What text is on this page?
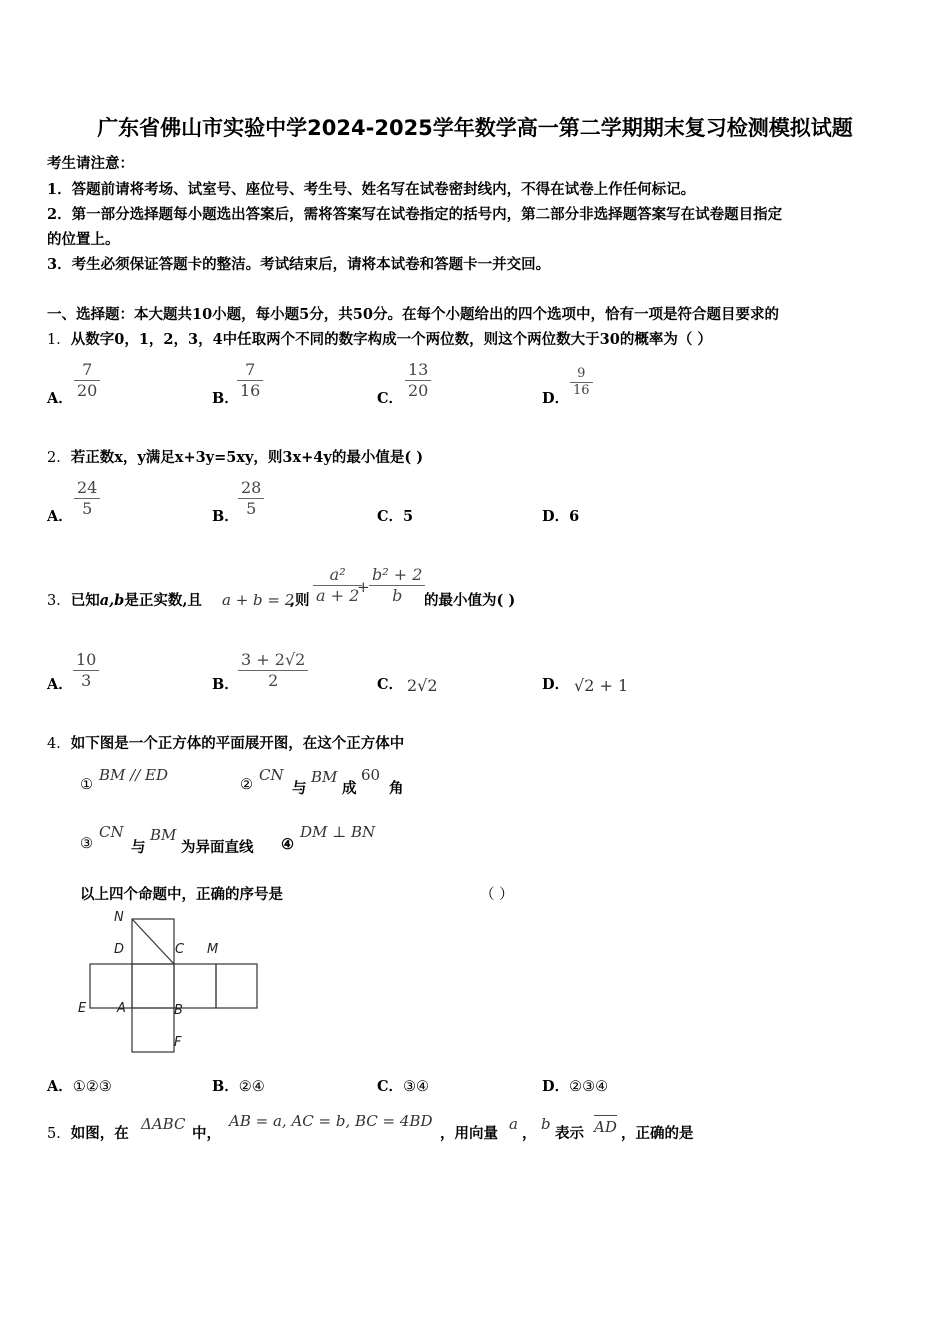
广东省佛山市实验中学2024-2025学年数学高一第二学期期末复习检测模拟试题
考生请注意：
1．答题前请将考场、试室号、座位号、考生号、姓名写在试卷密封线内，不得在试卷上作任何标记。
2．第一部分选择题每小题选出答案后，需将答案写在试卷指定的括号内，第二部分非选择题答案写在试卷题目指定
的位置上。
3．考生必须保证答题卡的整洁。考试结束后，请将本试卷和答题卡一并交回。
一、选择题：本大题共10小题，每小题5分，共50分。在每个小题给出的四个选项中，恰有一项是符合题目要求的
1．从数字0，1，2，3，4中任取两个不同的数字构成一个两位数，则这个两位数大于30的概率为（ ）
A． $\frac{7}{20}$	B．
$\frac{7}{16}$	C． $\frac{13}{20}$	D． $\frac{9}{16}$
2．若正数x，y满足x+3y=5xy，则3x+4y的最小值是( )
A． $\frac{24}{5}$	B． $\frac{28}{5}$	C．5	D．6
3．已知a,b是正实数,且 a + b = 2
,则 $\frac{\text{a²}}{a + 2}$
+ $\frac{\text{b² + 2}}{b}$
的最小值为( )
A． $\frac{10}{3}$	B． $\frac{3 + 2√2}{2}$	C． 2√2	D． √2 + 1
4．如下图是一个正方体的平面展开图，在这个正方体中
①
BM // ED
②
CN
与
BM
成
60
角
③
CN
与
BM
为异面直线 ④
DM ⊥ BN
以上四个命题中，正确的序号是	（ ）
N
D	C M
E A	B
F
A．①②③	B．②④	C．③④	D．②③④
5．如图，在
ΔABC
中，
AB = a, AC = b, BC = 4BD
，用向量
a
，
b
表示 AD ，正确的是
